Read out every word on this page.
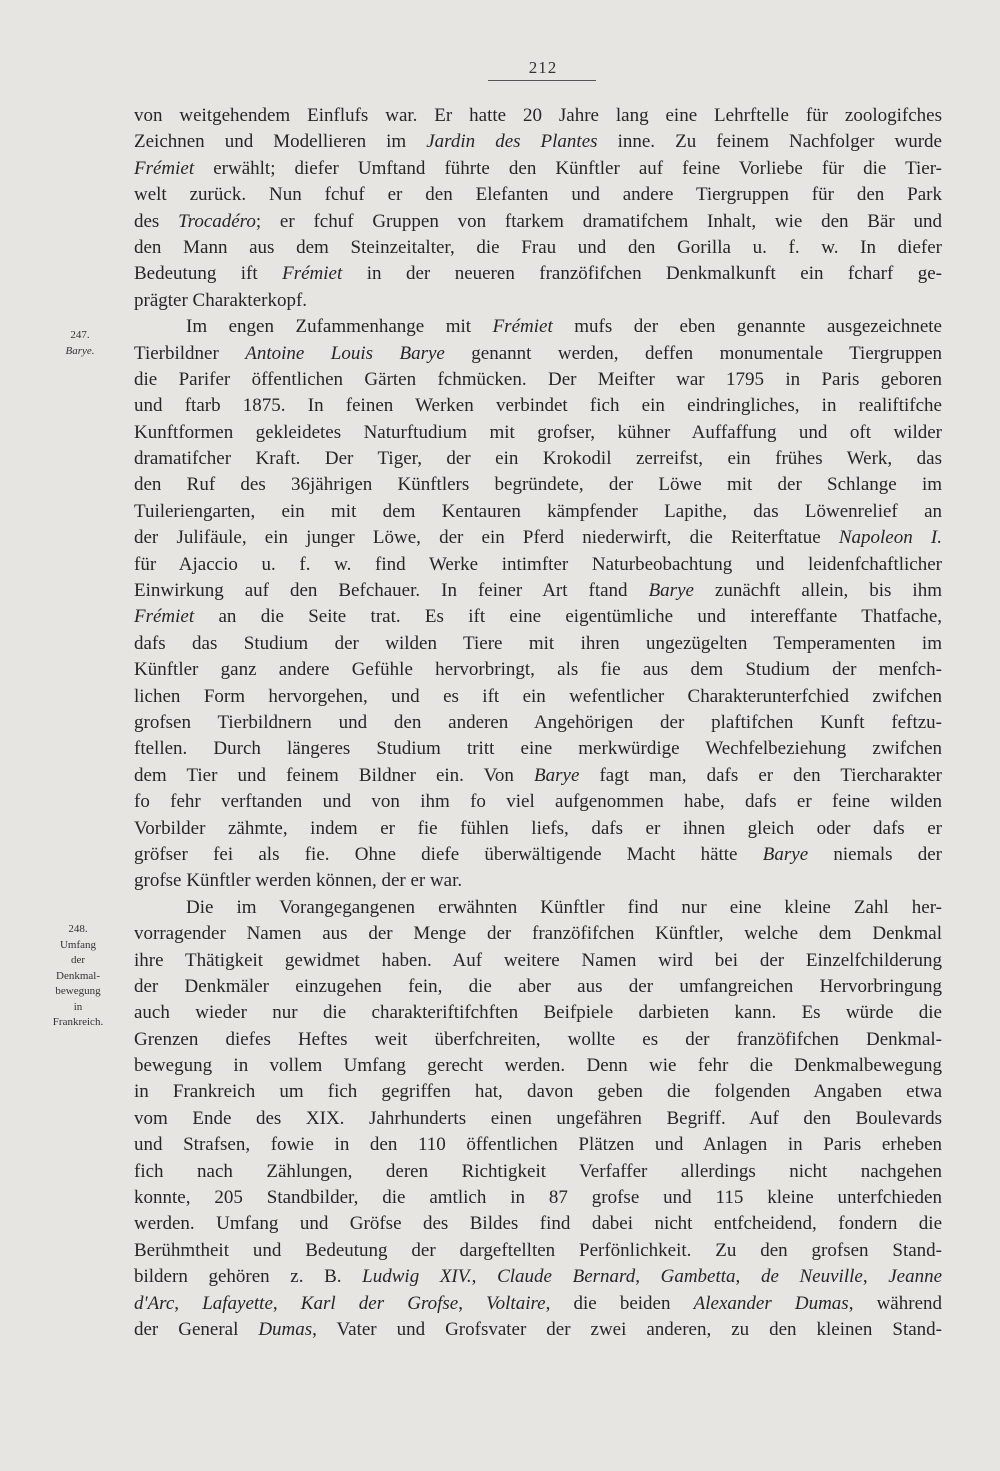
212
247.
Barye.
248.
Umfang
der
Denkmal-
bewegung
in
Frankreich.
von weitgehendem Einflufs war. Er hatte 20 Jahre lang eine Lehrftelle für zoologifches
Zeichnen und Modellieren im Jardin des Plantes inne. Zu feinem Nachfolger wurde
Frémiet erwählt; diefer Umftand führte den Künftler auf feine Vorliebe für die Tier-
welt zurück. Nun fchuf er den Elefanten und andere Tiergruppen für den Park
des Trocadéro; er fchuf Gruppen von ftarkem dramatifchem Inhalt, wie den Bär und
den Mann aus dem Steinzeitalter, die Frau und den Gorilla u. f. w. In diefer
Bedeutung ift Frémiet in der neueren franzöfifchen Denkmalkunft ein fcharf ge-
prägter Charakterkopf.
Im engen Zufammenhange mit Frémiet mufs der eben genannte ausgezeichnete
Tierbildner Antoine Louis Barye genannt werden, deffen monumentale Tiergruppen
die Parifer öffentlichen Gärten fchmücken. Der Meifter war 1795 in Paris geboren
und ftarb 1875. In feinen Werken verbindet fich ein eindringliches, in realiftifche
Kunftformen gekleidetes Naturftudium mit grofser, kühner Auffaffung und oft wilder
dramatifcher Kraft. Der Tiger, der ein Krokodil zerreifst, ein frühes Werk, das
den Ruf des 36jährigen Künftlers begründete, der Löwe mit der Schlange im
Tuileriengarten, ein mit dem Kentauren kämpfender Lapithe, das Löwenrelief an
der Julifäule, ein junger Löwe, der ein Pferd niederwirft, die Reiterftatue Napoleon I.
für Ajaccio u. f. w. find Werke intimfter Naturbeobachtung und leidenfchaftlicher
Einwirkung auf den Befchauer. In feiner Art ftand Barye zunächft allein, bis ihm
Frémiet an die Seite trat. Es ift eine eigentümliche und intereffante Thatfache,
dafs das Studium der wilden Tiere mit ihren ungezügelten Temperamenten im
Künftler ganz andere Gefühle hervorbringt, als fie aus dem Studium der menfch-
lichen Form hervorgehen, und es ift ein wefentlicher Charakterunterfchied zwifchen
grofsen Tierbildnern und den anderen Angehörigen der plaftifchen Kunft feftzu-
ftellen. Durch längeres Studium tritt eine merkwürdige Wechfelbeziehung zwifchen
dem Tier und feinem Bildner ein. Von Barye fagt man, dafs er den Tiercharakter
fo fehr verftanden und von ihm fo viel aufgenommen habe, dafs er feine wilden
Vorbilder zähmte, indem er fie fühlen liefs, dafs er ihnen gleich oder dafs er
gröfser fei als fie. Ohne diefe überwältigende Macht hätte Barye niemals der
grofse Künftler werden können, der er war.
Die im Vorangegangenen erwähnten Künftler find nur eine kleine Zahl her-
vorragender Namen aus der Menge der franzöfifchen Künftler, welche dem Denkmal
ihre Thätigkeit gewidmet haben. Auf weitere Namen wird bei der Einzelfchilderung
der Denkmäler einzugehen fein, die aber aus der umfangreichen Hervorbringung
auch wieder nur die charakteriftifchften Beifpiele darbieten kann. Es würde die
Grenzen diefes Heftes weit überfchreiten, wollte es der franzöfifchen Denkmal-
bewegung in vollem Umfang gerecht werden. Denn wie fehr die Denkmalbewegung
in Frankreich um fich gegriffen hat, davon geben die folgenden Angaben etwa
vom Ende des XIX. Jahrhunderts einen ungefähren Begriff. Auf den Boulevards
und Strafsen, fowie in den 110 öffentlichen Plätzen und Anlagen in Paris erheben
fich nach Zählungen, deren Richtigkeit Verfaffer allerdings nicht nachgehen
konnte, 205 Standbilder, die amtlich in 87 grofse und 115 kleine unterfchieden
werden. Umfang und Gröfse des Bildes find dabei nicht entfcheidend, fondern die
Berühmtheit und Bedeutung der dargeftellten Perfönlichkeit. Zu den grofsen Stand-
bildern gehören z. B. Ludwig XIV., Claude Bernard, Gambetta, de Neuville, Jeanne
d'Arc, Lafayette, Karl der Grofse, Voltaire, die beiden Alexander Dumas, während
der General Dumas, Vater und Grofsvater der zwei anderen, zu den kleinen Stand-
